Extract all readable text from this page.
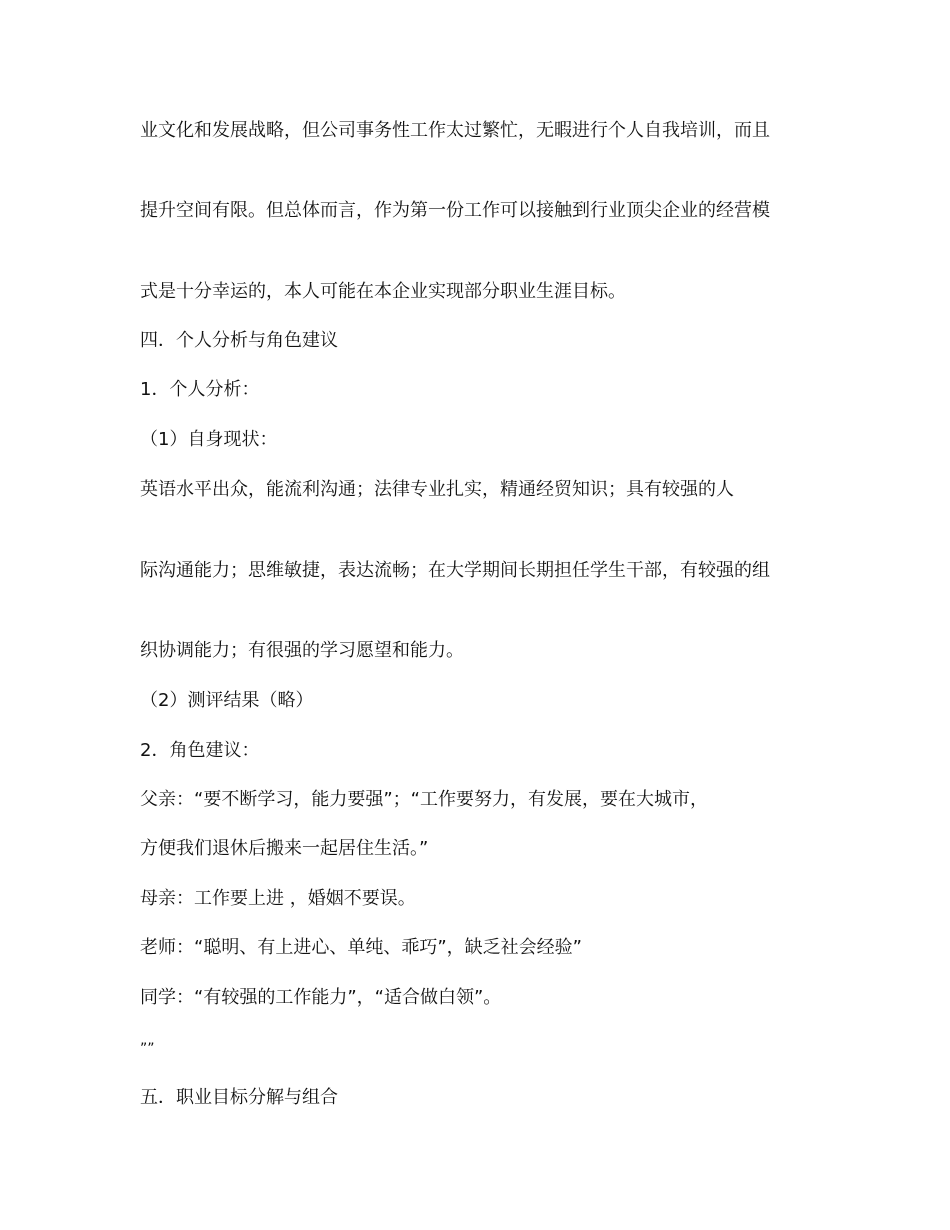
业文化和发展战略，但公司事务性工作太过繁忙，无暇进行个人自我培训，而且
提升空间有限。但总体而言，作为第一份工作可以接触到行业顶尖企业的经营模
式是十分幸运的，本人可能在本企业实现部分职业生涯目标。
四．个人分析与角色建议
1．个人分析：
（1）自身现状：
英语水平出众，能流利沟通；法律专业扎实，精通经贸知识；具有较强的人
际沟通能力；思维敏捷，表达流畅；在大学期间长期担任学生干部，有较强的组
织协调能力；有很强的学习愿望和能力。
（2）测评结果（略）
2．角色建议：
父亲：“要不断学习，能力要强”；“工作要努力，有发展，要在大城市，
方便我们退休后搬来一起居住生活。”
母亲：工作要上进 ，婚姻不要误。
老师：“聪明、有上进心、单纯、乖巧”，缺乏社会经验”
同学：“有较强的工作能力”，“适合做白领”。
””
五．职业目标分解与组合
